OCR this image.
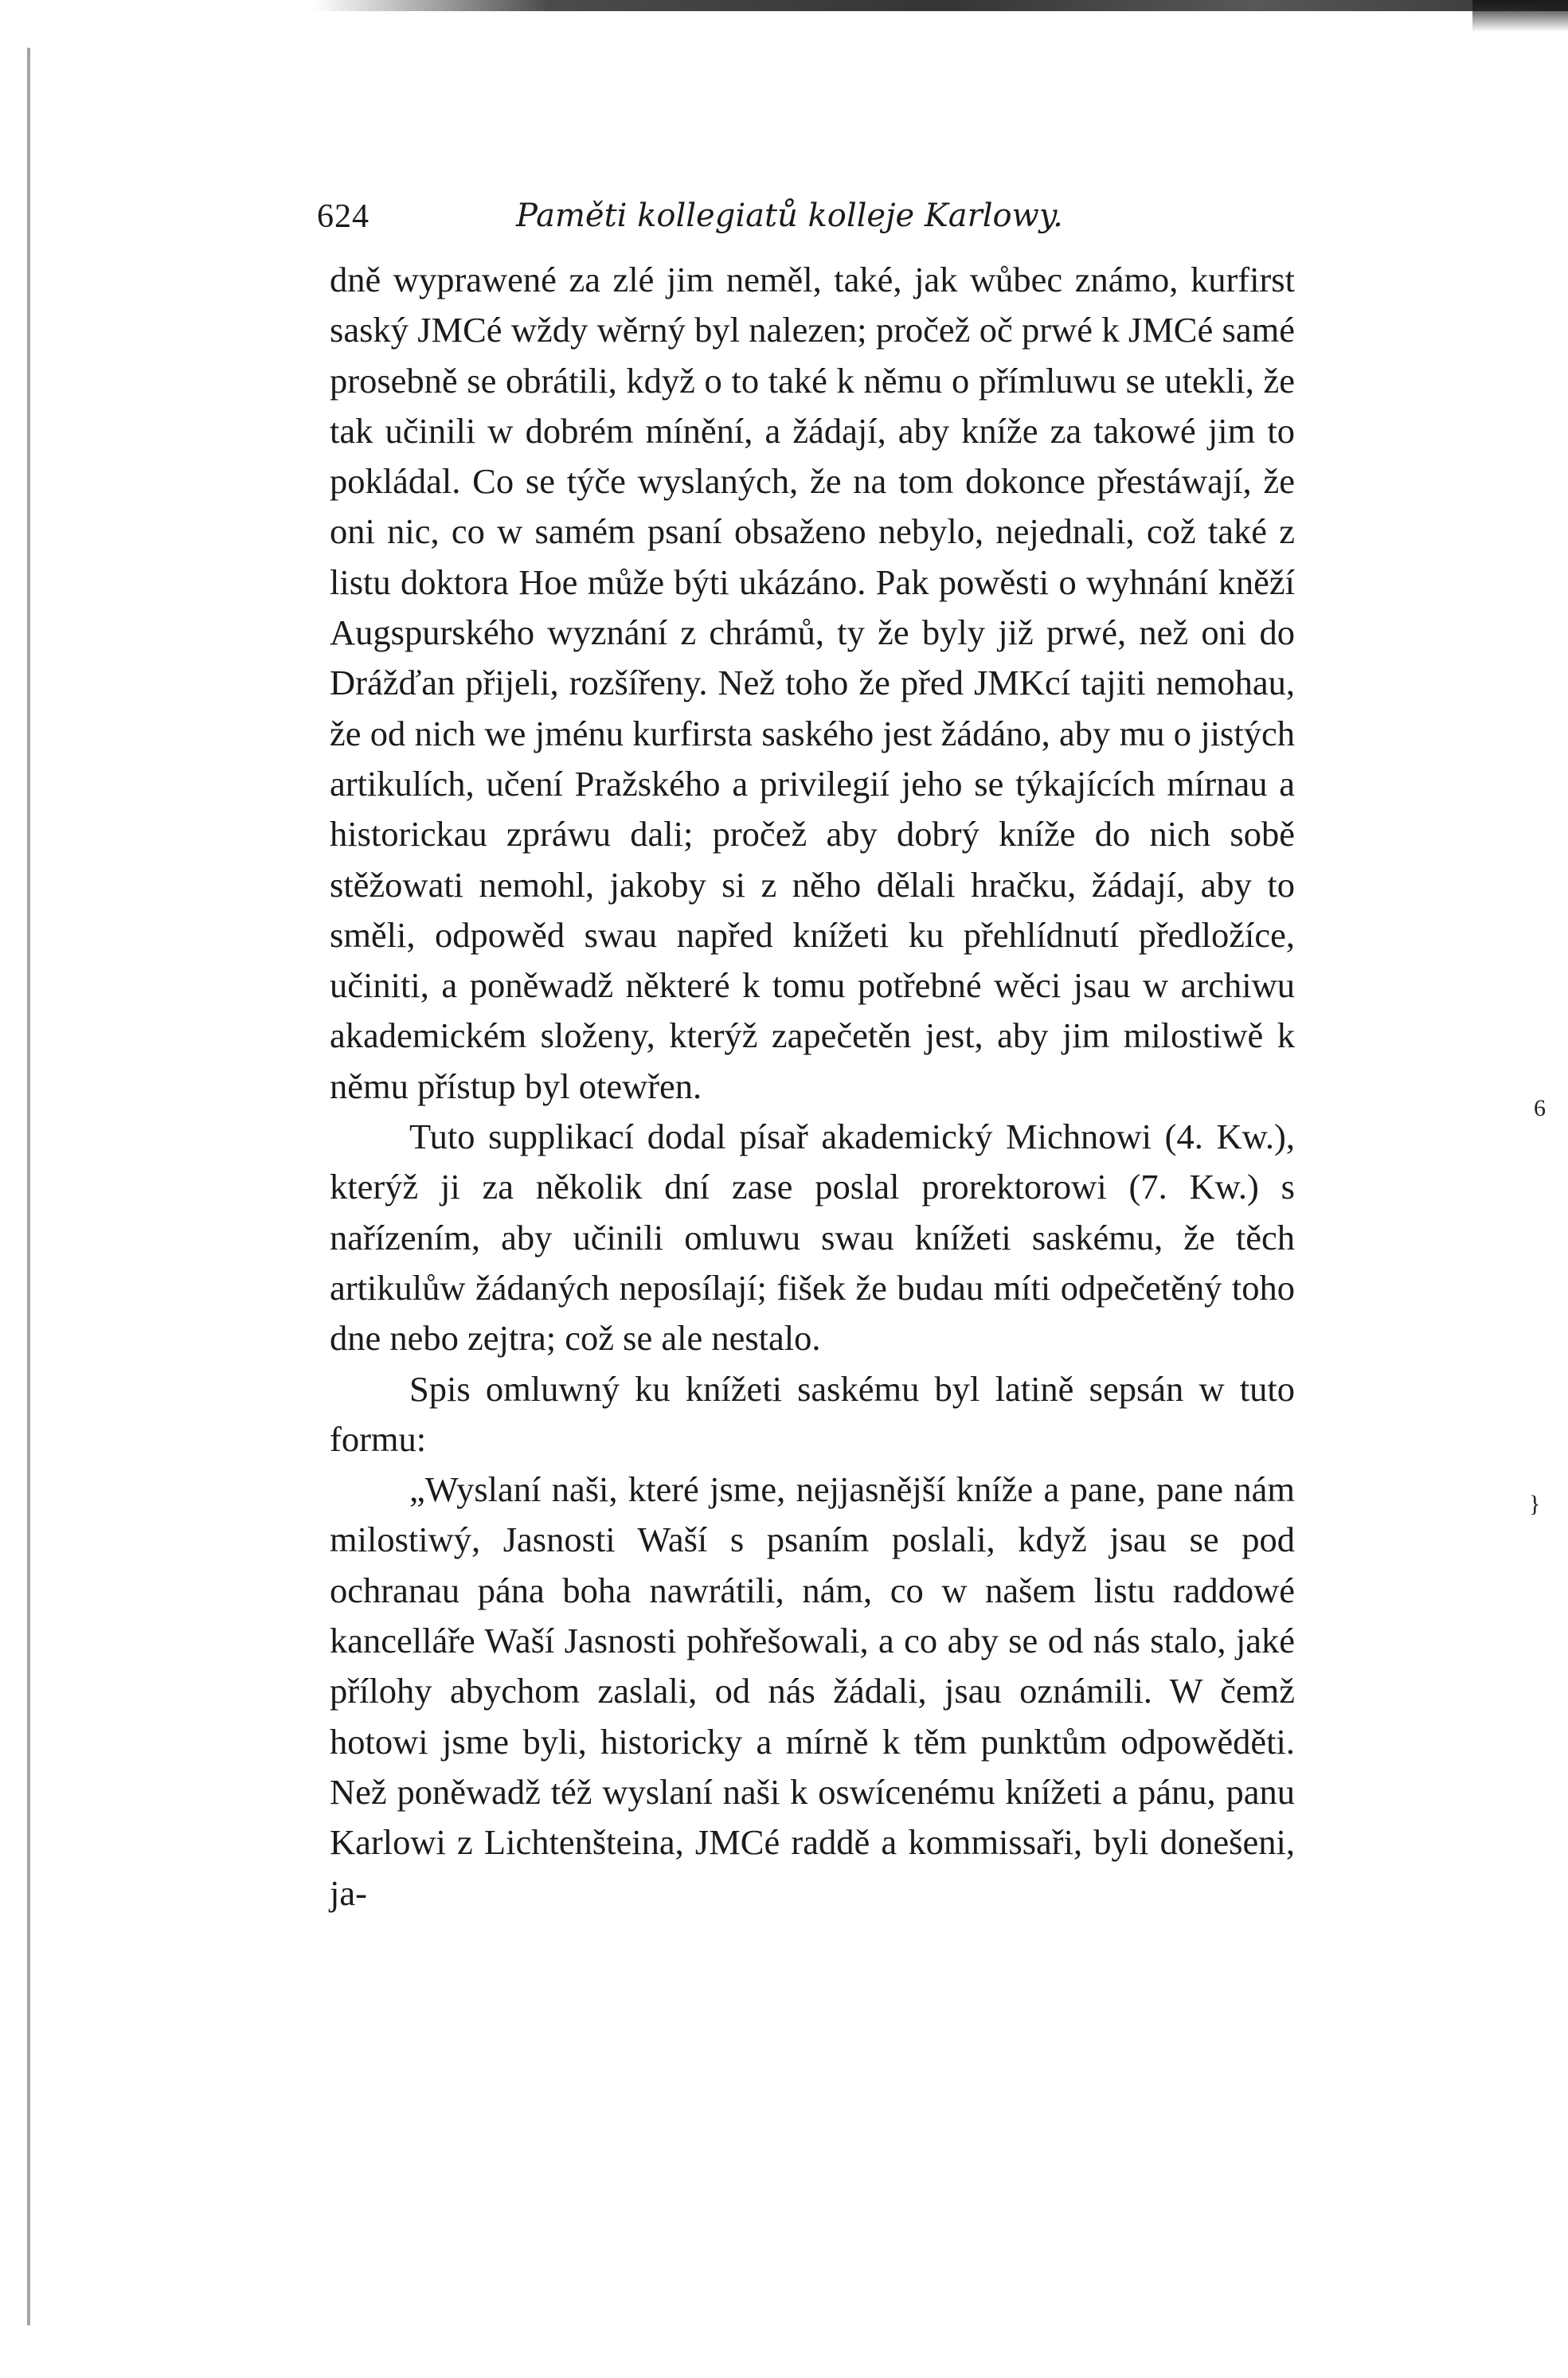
624	Paměti kollegiatů kolleje Karlowy.

dně wyprawené za zlé jim neměl, také, jak wůbec známo, kurfirst saský JMCé wždy wěrný byl nalezen; pročež oč prwé k JMCé samé prosebně se obrátili, když o to také k němu o přímluwu se utekli, že tak učinili w dobrém mínění, a žádají, aby kníže za takowé jim to pokládal. Co se týče wyslaných, že na tom dokonce přestáwají, že oni nic, co w samém psaní obsaženo nebylo, nejednali, což také z listu doktora Hoe může býti ukázáno. Pak powěsti o wyhnání kněží Augspurského wyznání z chrámů, ty že byly již prwé, než oni do Drážďan přijeli, rozšířeny. Než toho že před JMKcí tajiti nemohau, že od nich we jménu kurfirsta saského jest žádáno, aby mu o jistých artikulích, učení Pražského a privilegií jeho se týkajících mírnau a historickau zpráwu dali; pročež aby dobrý kníže do nich sobě stěžowati nemohl, jakoby si z něho dělali hračku, žádají, aby to směli, odpowěd swau napřed knížeti ku přehlídnutí předložíce, učiniti, a poněwadž některé k tomu potřebné wěci jsau w archiwu akademickém složeny, kterýž zapečetěn jest, aby jim milostiwě k němu přístup byl otewřen.

Tuto supplikací dodal písař akademický Michnowi (4. Kw.), kterýž ji za několik dní zase poslal prorektorowi (7. Kw.) s nařízením, aby učinili omluwu swau knížeti saskému, že těch artikulůw žádaných neposílají; fišek že budau míti odpečetěný toho dne nebo zejtra; což se ale nestalo.

Spis omluwný ku knížeti saskému byl latině sepsán w tuto formu:

„Wyslaní naši, které jsme, nejjasnější kníže a pane, pane nám milostiwý, Jasnosti Waší s psaním poslali, když jsau se pod ochranau pána boha nawrátili, nám, co w našem listu raddowé kancelláře Waší Jasnosti pohřešowali, a co aby se od nás stalo, jaké přílohy abychom zaslali, od nás žádali, jsau oznámili. W čemž hotowi jsme byli, historicky a mírně k těm punktům odpowěděti. Než poněwadž též wyslaní naši k oswícenému knížeti a pánu, panu Karlowi z Lichtenšteina, JMCé raddě a kommissaři, byli donešeni, ja-

6
}
